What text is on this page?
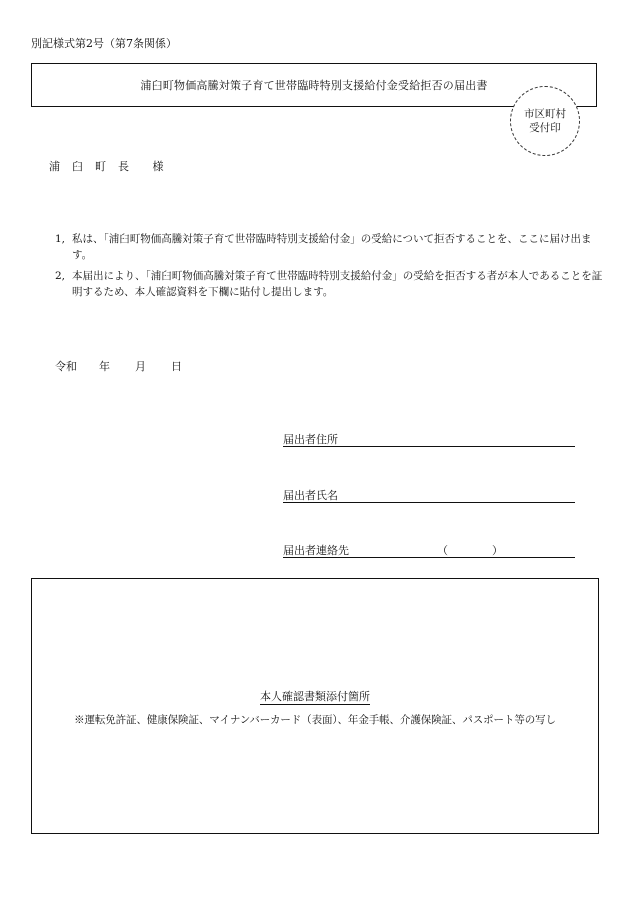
別記様式第2号（第7条関係）
浦臼町物価高騰対策子育て世帯臨時特別支援給付金受給拒否の届出書
市区町村
受付印
浦　臼　町　長　　様
1, 私は、「浦臼町物価高騰対策子育て世帯臨時特別支援給付金」の受給について拒否することを、ここに届け出ます。
2, 本届出により、「浦臼町物価高騰対策子育て世帯臨時特別支援給付金」の受給を拒否する者が本人であることを証明するため、本人確認資料を下欄に貼付し提出します。
令和 年 月 日
届出者住所
届出者氏名
届出者連絡先	（　　　　）
本人確認書類添付箇所
※運転免許証、健康保険証、マイナンバーカード（表面）、年金手帳、介護保険証、パスポート等の写し
